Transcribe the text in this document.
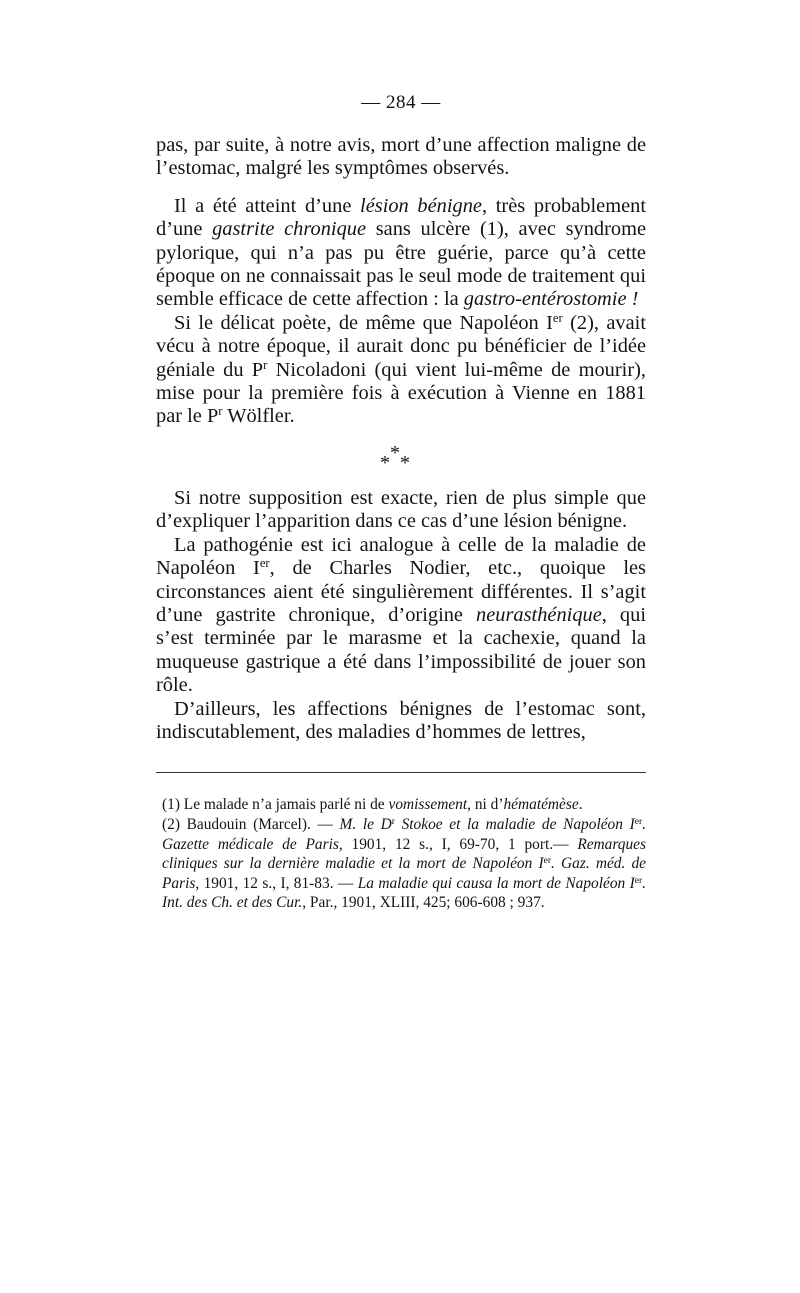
— 284 —

pas, par suite, à notre avis, mort d’une affection maligne de l’estomac, malgré les symptômes observés.

Il a été atteint d’une lésion bénigne, très probablement d’une gastrite chronique sans ulcère (1), avec syndrome pylorique, qui n’a pas pu être guérie, parce qu’à cette époque on ne connaissait pas le seul mode de traitement qui semble efficace de cette affection : la gastro-entérostomie !

Si le délicat poète, de même que Napoléon Ier (2), avait vécu à notre époque, il aurait donc pu bénéficier de l’idée géniale du $P^r$ Nicoladoni (qui vient lui-même de mourir), mise pour la première fois à exécution à Vienne en 1881 par le $P^r$ Wölfler.

*
* *

Si notre supposition est exacte, rien de plus simple que d’expliquer l’apparition dans ce cas d’une lésion bénigne.

La pathogénie est ici analogue à celle de la maladie de Napoléon Ier, de Charles Nodier, etc., quoique les circonstances aient été singulièrement différentes. Il s’agit d’une gastrite chronique, d’origine neurasthénique, qui s’est terminée par le marasme et la cachexie, quand la muqueuse gastrique a été dans l’impossibilité de jouer son rôle.

D’ailleurs, les affections bénignes de l’estomac sont, indiscutablement, des maladies d’hommes de lettres,

(1) Le malade n’a jamais parlé ni de vomissement, ni d’hématémèse.

(2) Baudouin (Marcel). — M. le $D^r$ Stokoe et la maladie de Napoléon Ier. Gazette médicale de Paris, 1901, 12 s., I, 69-70, 1 port.— Remarques cliniques sur la dernière maladie et la mort de Napoléon Ier. Gaz. méd. de Paris, 1901, 12 s., I, 81-83. — La maladie qui causa la mort de Napoléon Ier. Int. des Ch. et des Cur., Par., 1901, XLIII, 425; 606-608 ; 937.
